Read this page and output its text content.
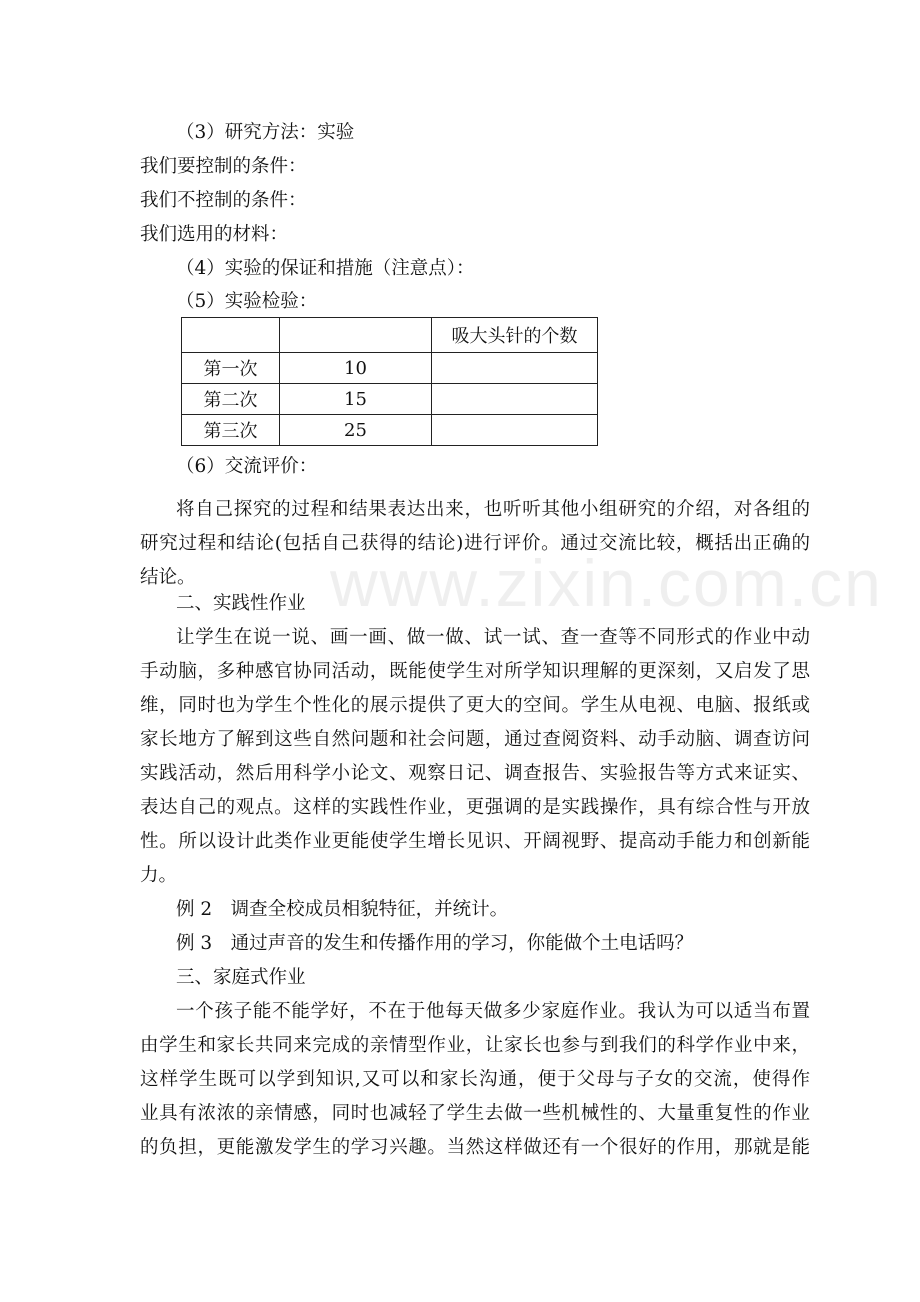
www.zixin.com.cn
（3）研究方法：实验
我们要控制的条件：
我们不控制的条件：
我们选用的材料：
（4）实验的保证和措施（注意点）：
（5）实验检验：
		吸大头针的个数
第一次	10	
第二次	15	
第三次	25	
（6）交流评价：
将自己探究的过程和结果表达出来，也听听其他小组研究的介绍，对各组的
研究过程和结论(包括自己获得的结论)进行评价。通过交流比较，概括出正确的
结论。
二、实践性作业
让学生在说一说、画一画、做一做、试一试、查一查等不同形式的作业中动
手动脑，多种感官协同活动，既能使学生对所学知识理解的更深刻，又启发了思
维，同时也为学生个性化的展示提供了更大的空间。学生从电视、电脑、报纸或
家长地方了解到这些自然问题和社会问题，通过查阅资料、动手动脑、调查访问
实践活动，然后用科学小论文、观察日记、调查报告、实验报告等方式来证实、
表达自己的观点。这样的实践性作业，更强调的是实践操作，具有综合性与开放
性。所以设计此类作业更能使学生增长见识、开阔视野、提高动手能力和创新能
力。
例 2　调查全校成员相貌特征，并统计。
例 3　通过声音的发生和传播作用的学习，你能做个土电话吗？
三、家庭式作业
一个孩子能不能学好，不在于他每天做多少家庭作业。我认为可以适当布置
由学生和家长共同来完成的亲情型作业，让家长也参与到我们的科学作业中来，
这样学生既可以学到知识,又可以和家长沟通，便于父母与子女的交流，使得作
业具有浓浓的亲情感，同时也减轻了学生去做一些机械性的、大量重复性的作业
的负担，更能激发学生的学习兴趣。当然这样做还有一个很好的作用，那就是能
